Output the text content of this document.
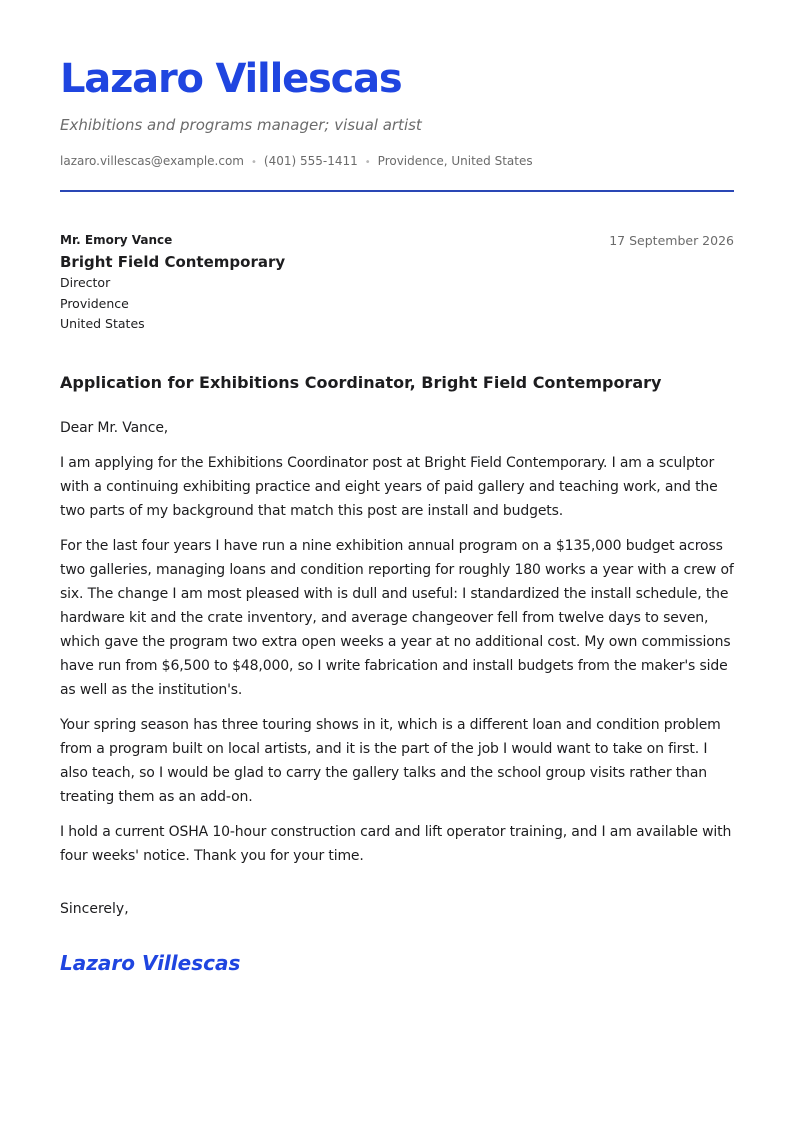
Lazaro Villescas
Exhibitions and programs manager; visual artist
lazaro.villescas@example.com • (401) 555-1411 • Providence, United States
Mr. Emory Vance
Bright Field Contemporary
Director
Providence
United States
17 September 2026
Application for Exhibitions Coordinator, Bright Field Contemporary

Dear Mr. Vance,

I am applying for the Exhibitions Coordinator post at Bright Field Contemporary. I am a sculptor with a continuing exhibiting practice and eight years of paid gallery and teaching work, and the two parts of my background that match this post are install and budgets.

For the last four years I have run a nine exhibition annual program on a $135,000 budget across two galleries, managing loans and condition reporting for roughly 180 works a year with a crew of six. The change I am most pleased with is dull and useful: I standardized the install schedule, the hardware kit and the crate inventory, and average changeover fell from twelve days to seven, which gave the program two extra open weeks a year at no additional cost. My own commissions have run from $6,500 to $48,000, so I write fabrication and install budgets from the maker's side as well as the institution's.

Your spring season has three touring shows in it, which is a different loan and condition problem from a program built on local artists, and it is the part of the job I would want to take on first. I also teach, so I would be glad to carry the gallery talks and the school group visits rather than treating them as an add-on.

I hold a current OSHA 10-hour construction card and lift operator training, and I am available with four weeks' notice. Thank you for your time.

Sincerely,
Lazaro Villescas
